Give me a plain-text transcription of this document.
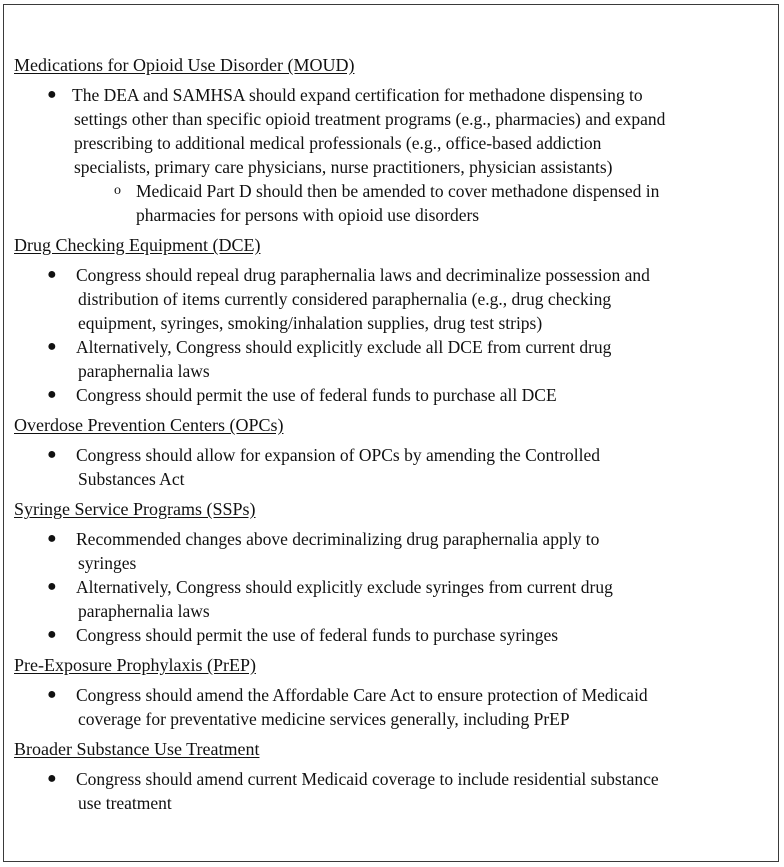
Medications for Opioid Use Disorder (MOUD)
● The DEA and SAMHSA should expand certification for methadone dispensing to
settings other than specific opioid treatment programs (e.g., pharmacies) and expand
prescribing to additional medical professionals (e.g., office-based addiction
specialists, primary care physicians, nurse practitioners, physician assistants)
o Medicaid Part D should then be amended to cover methadone dispensed in
pharmacies for persons with opioid use disorders
Drug Checking Equipment (DCE)
● Congress should repeal drug paraphernalia laws and decriminalize possession and
distribution of items currently considered paraphernalia (e.g., drug checking
equipment, syringes, smoking/inhalation supplies, drug test strips)
● Alternatively, Congress should explicitly exclude all DCE from current drug
paraphernalia laws
● Congress should permit the use of federal funds to purchase all DCE
Overdose Prevention Centers (OPCs)
● Congress should allow for expansion of OPCs by amending the Controlled
Substances Act
Syringe Service Programs (SSPs)
● Recommended changes above decriminalizing drug paraphernalia apply to
syringes
● Alternatively, Congress should explicitly exclude syringes from current drug
paraphernalia laws
● Congress should permit the use of federal funds to purchase syringes
Pre-Exposure Prophylaxis (PrEP)
● Congress should amend the Affordable Care Act to ensure protection of Medicaid
coverage for preventative medicine services generally, including PrEP
Broader Substance Use Treatment
● Congress should amend current Medicaid coverage to include residential substance
use treatment
